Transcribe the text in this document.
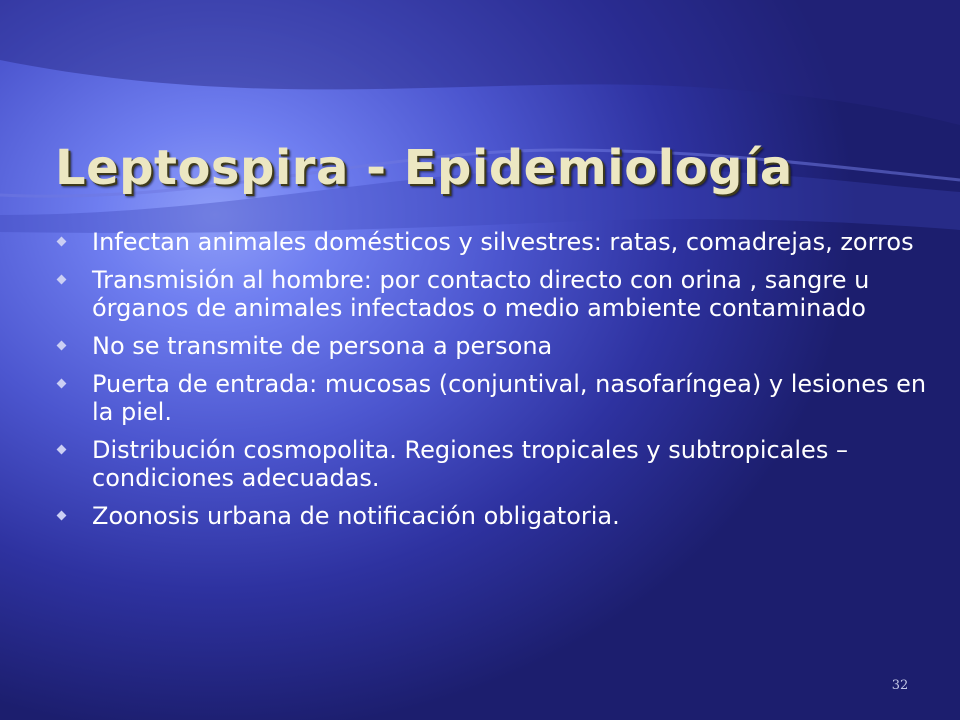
Leptospira - Epidemiología
Infectan animales domésticos y silvestres: ratas, comadrejas, zorros
Transmisión al hombre: por contacto directo con orina , sangre u órganos de animales infectados o medio ambiente contaminado
No se transmite de persona a persona
Puerta de entrada: mucosas (conjuntival, nasofaríngea) y lesiones en la piel.
Distribución cosmopolita. Regiones tropicales y subtropicales – condiciones adecuadas.
Zoonosis urbana de notificación obligatoria.
32
